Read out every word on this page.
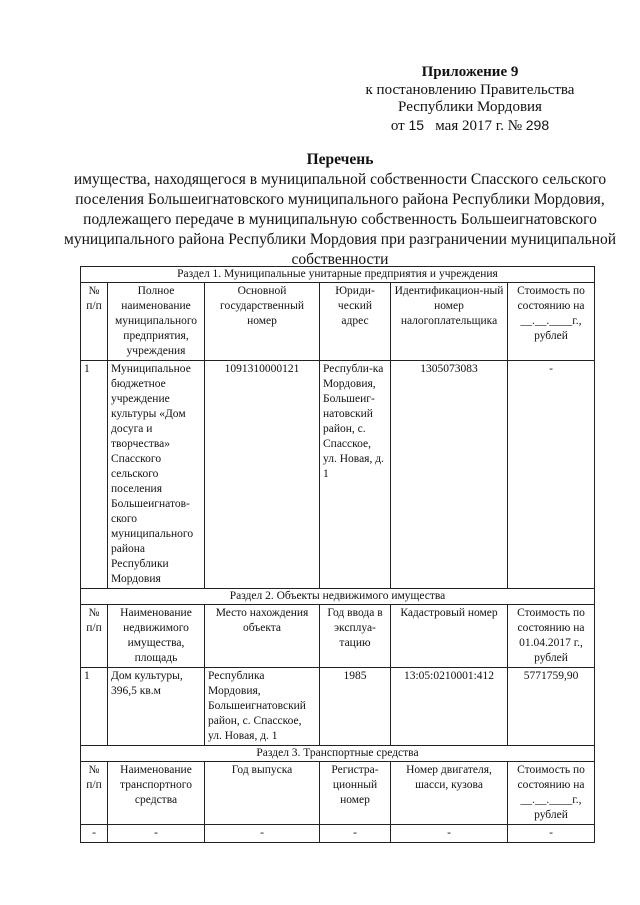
Приложение 9
к постановлению Правительства
Республики Мордовия
от 15 мая 2017 г. № 298
Перечень
имущества, находящегося в муниципальной собственности Спасского сельского поселения Большеигнатовского муниципального района Республики Мордовия, подлежащего передаче в муниципальную собственность Большеигнатовского муниципального района Республики Мордовия при разграничении муниципальной собственности
Раздел 1. Муниципальные унитарные предприятия и учреждения					
№ п/п	Полное наименование муниципального предприятия, учреждения	Основной государственный номер	Юриди-ческий адрес	Идентификацион-ный номер налогоплательщика	Стоимость по состоянию на __.__.____г., рублей
1	Муниципальное бюджетное учреждение культуры «Дом досуга и творчества» Спасского сельского поселения Большеигнатов-ского муниципального района Республики Мордовия	1091310000121	Республи-ка Мордовия, Большеиг-натовский район, с. Спасское, ул. Новая, д. 1	1305073083	-
Раздел 2. Объекты недвижимого имущества					
№ п/п	Наименование недвижимого имущества, площадь	Место нахождения объекта	Год ввода в эксплуа-тацию	Кадастровый номер	Стоимость по состоянию на 01.04.2017 г., рублей
1	Дом культуры, 396,5 кв.м	Республика Мордовия, Большеигнатовский район, с. Спасское, ул. Новая, д. 1	1985	13:05:0210001:412	5771759,90
Раздел 3. Транспортные средства					
№ п/п	Наименование транспортного средства	Год выпуска	Регистра-ционный номер	Номер двигателя, шасси, кузова	Стоимость по состоянию на __.__.____г., рублей
-	-	-	-	-	-
